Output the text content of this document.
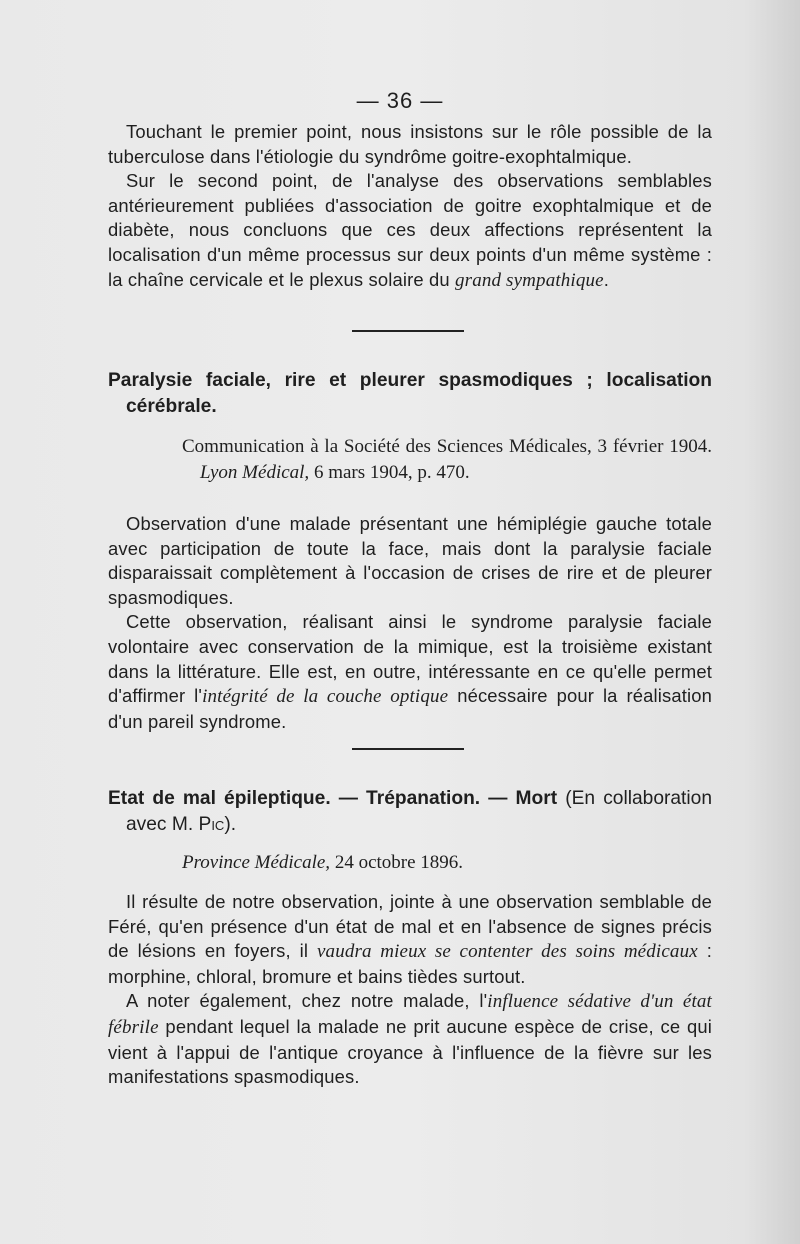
— 36 —

Touchant le premier point, nous insistons sur le rôle possible de la tuberculose dans l'étiologie du syndrôme goitre-exophtalmique.

Sur le second point, de l'analyse des observations semblables antérieurement publiées d'association de goitre exophtalmique et de diabète, nous concluons que ces deux affections représentent la localisation d'un même processus sur deux points d'un même système : la chaîne cervicale et le plexus solaire du grand sympathique.

Paralysie faciale, rire et pleurer spasmodiques ; localisation cérébrale.

Communication à la Société des Sciences Médicales, 3 février 1904. Lyon Médical, 6 mars 1904, p. 470.

Observation d'une malade présentant une hémiplégie gauche totale avec participation de toute la face, mais dont la paralysie faciale disparaissait complètement à l'occasion de crises de rire et de pleurer spasmodiques.

Cette observation, réalisant ainsi le syndrome paralysie faciale volontaire avec conservation de la mimique, est la troisième existant dans la littérature. Elle est, en outre, intéressante en ce qu'elle permet d'affirmer l'intégrité de la couche optique nécessaire pour la réalisation d'un pareil syndrome.

Etat de mal épileptique. — Trépanation. — Mort (En collaboration avec M. Pic).

Province Médicale, 24 octobre 1896.

Il résulte de notre observation, jointe à une observation semblable de Féré, qu'en présence d'un état de mal et en l'absence de signes précis de lésions en foyers, il vaudra mieux se contenter des soins médicaux : morphine, chloral, bromure et bains tièdes surtout.

A noter également, chez notre malade, l'influence sédative d'un état fébrile pendant lequel la malade ne prit aucune espèce de crise, ce qui vient à l'appui de l'antique croyance à l'influence de la fièvre sur les manifestations spasmodiques.
